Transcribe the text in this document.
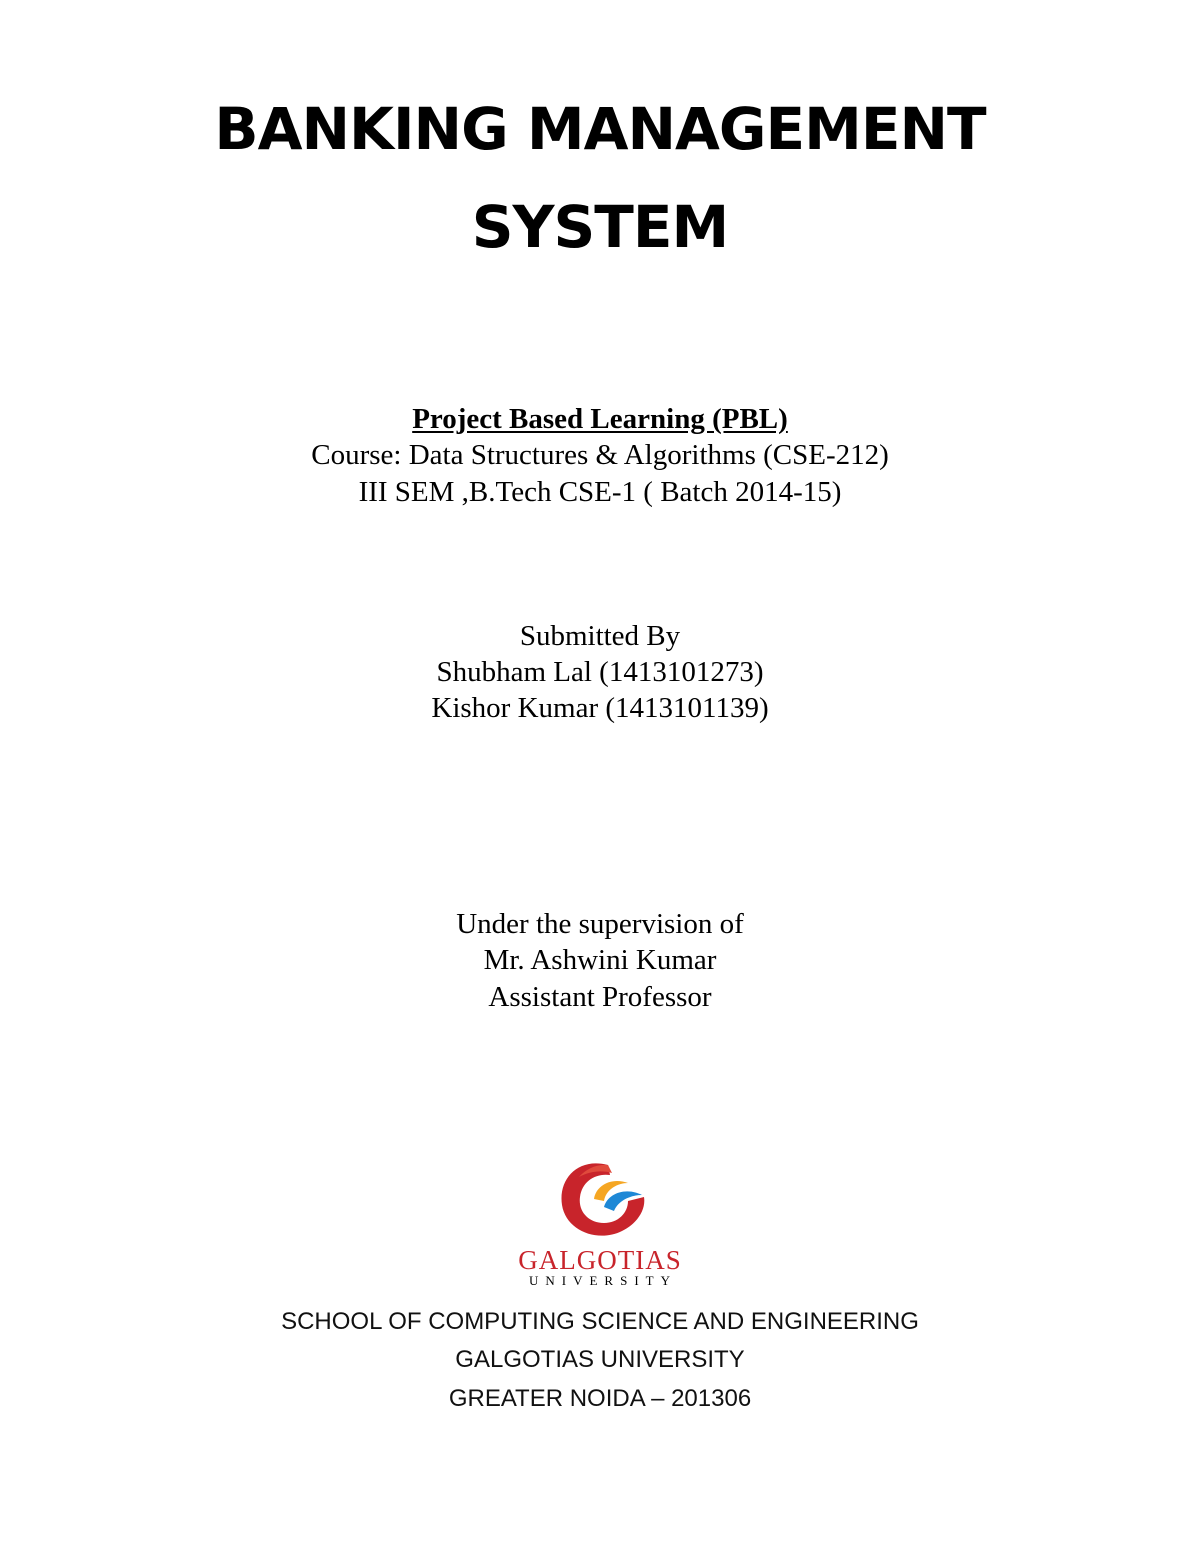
BANKING MANAGEMENT
SYSTEM
Project Based Learning (PBL)
Course: Data Structures & Algorithms (CSE-212)
III SEM ,B.Tech CSE-1 ( Batch 2014-15)
Submitted By
Shubham Lal (1413101273)
Kishor Kumar (1413101139)
Under the supervision of
Mr. Ashwini Kumar
Assistant Professor
GALGOTIAS
UNIVERSITY
SCHOOL OF COMPUTING SCIENCE AND ENGINEERING
GALGOTIAS UNIVERSITY
GREATER NOIDA – 201306
